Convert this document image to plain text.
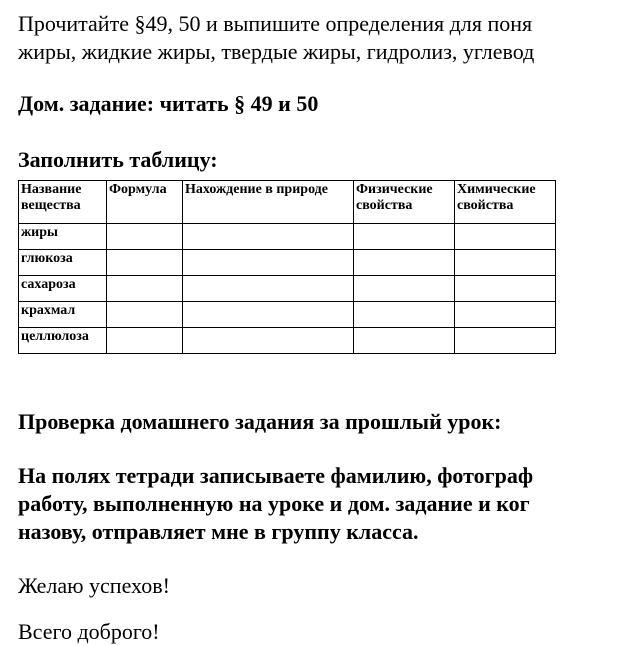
Прочитайте §49, 50 и выпишите определения для поня

жиры, жидкие жиры, твердые жиры, гидролиз, углевод

Дом. задание: читать § 49 и 50

Заполнить таблицу:

Название вещества	Формула	Нахождение в природе	Физические свойства	Химические свойства
жиры				
глюкоза				
сахароза				
крахмал				
целлюлоза				

Проверка домашнего задания за прошлый урок:

На полях тетради записываете фамилию, фотограф

работу, выполненную на уроке и дом. задание и ког

назову, отправляет мне в группу класса.

Желаю успехов!

Всего доброго!
